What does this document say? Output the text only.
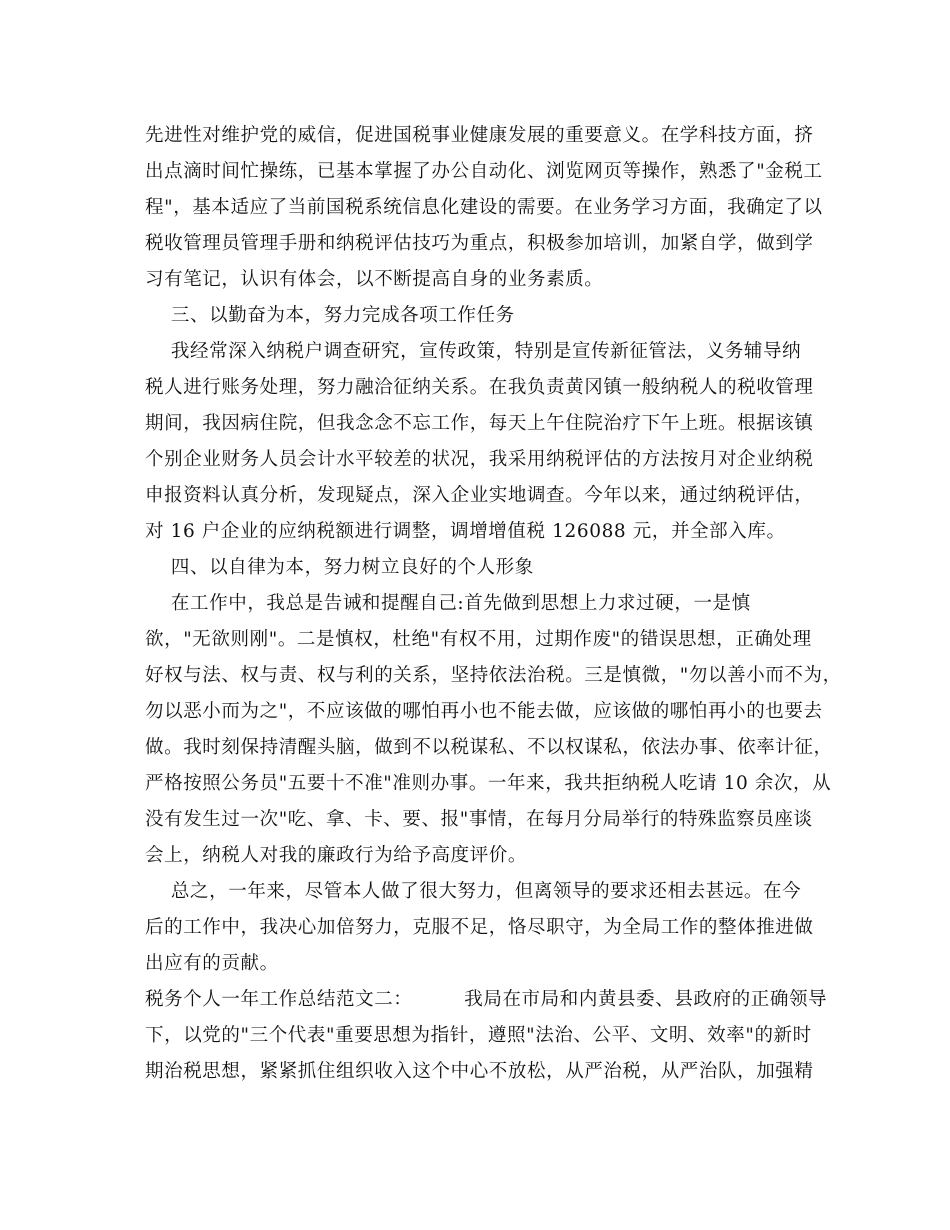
先进性对维护党的威信，促进国税事业健康发展的重要意义。在学科技方面，挤
出点滴时间忙操练，已基本掌握了办公自动化、浏览网页等操作，熟悉了"金税工
程"，基本适应了当前国税系统信息化建设的需要。在业务学习方面，我确定了以
税收管理员管理手册和纳税评估技巧为重点，积极参加培训，加紧自学，做到学
习有笔记，认识有体会，以不断提高自身的业务素质。
三、以勤奋为本，努力完成各项工作任务
我经常深入纳税户调查研究，宣传政策，特别是宣传新征管法，义务辅导纳
税人进行账务处理，努力融洽征纳关系。在我负责黄冈镇一般纳税人的税收管理
期间，我因病住院，但我念念不忘工作，每天上午住院治疗下午上班。根据该镇
个别企业财务人员会计水平较差的状况，我采用纳税评估的方法按月对企业纳税
申报资料认真分析，发现疑点，深入企业实地调查。今年以来，通过纳税评估，
对 16 户企业的应纳税额进行调整，调增增值税 126088 元，并全部入库。
四、以自律为本，努力树立良好的个人形象
在工作中，我总是告诫和提醒自己:首先做到思想上力求过硬，一是慎
欲，"无欲则刚"。二是慎权，杜绝"有权不用，过期作废"的错误思想，正确处理
好权与法、权与责、权与利的关系，坚持依法治税。三是慎微，"勿以善小而不为，
勿以恶小而为之"，不应该做的哪怕再小也不能去做，应该做的哪怕再小的也要去
做。我时刻保持清醒头脑，做到不以税谋私、不以权谋私，依法办事、依率计征，
严格按照公务员"五要十不准"准则办事。一年来，我共拒纳税人吃请 10 余次，从
没有发生过一次"吃、拿、卡、要、报"事情，在每月分局举行的特殊监察员座谈
会上，纳税人对我的廉政行为给予高度评价。
总之，一年来，尽管本人做了很大努力，但离领导的要求还相去甚远。在今
后的工作中，我决心加倍努力，克服不足，恪尽职守，为全局工作的整体推进做
出应有的贡献。
税务个人一年工作总结范文二：        我局在市局和内黄县委、县政府的正确领导
下，以党的"三个代表"重要思想为指针，遵照"法治、公平、文明、效率"的新时
期治税思想，紧紧抓住组织收入这个中心不放松，从严治税，从严治队，加强精
